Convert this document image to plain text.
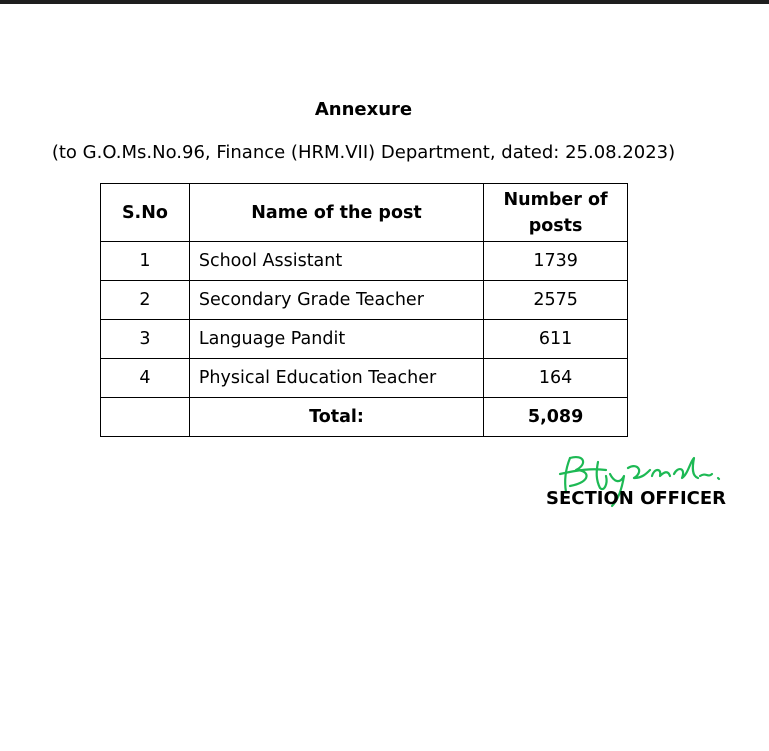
Annexure
(to G.O.Ms.No.96, Finance (HRM.VII) Department, dated: 25.08.2023)
S.No	Name of the post	Number of posts
1	School Assistant	1739
2	Secondary Grade Teacher	2575
3	Language Pandit	611
4	Physical Education Teacher	164
	Total:	5,089
SECTION OFFICER
